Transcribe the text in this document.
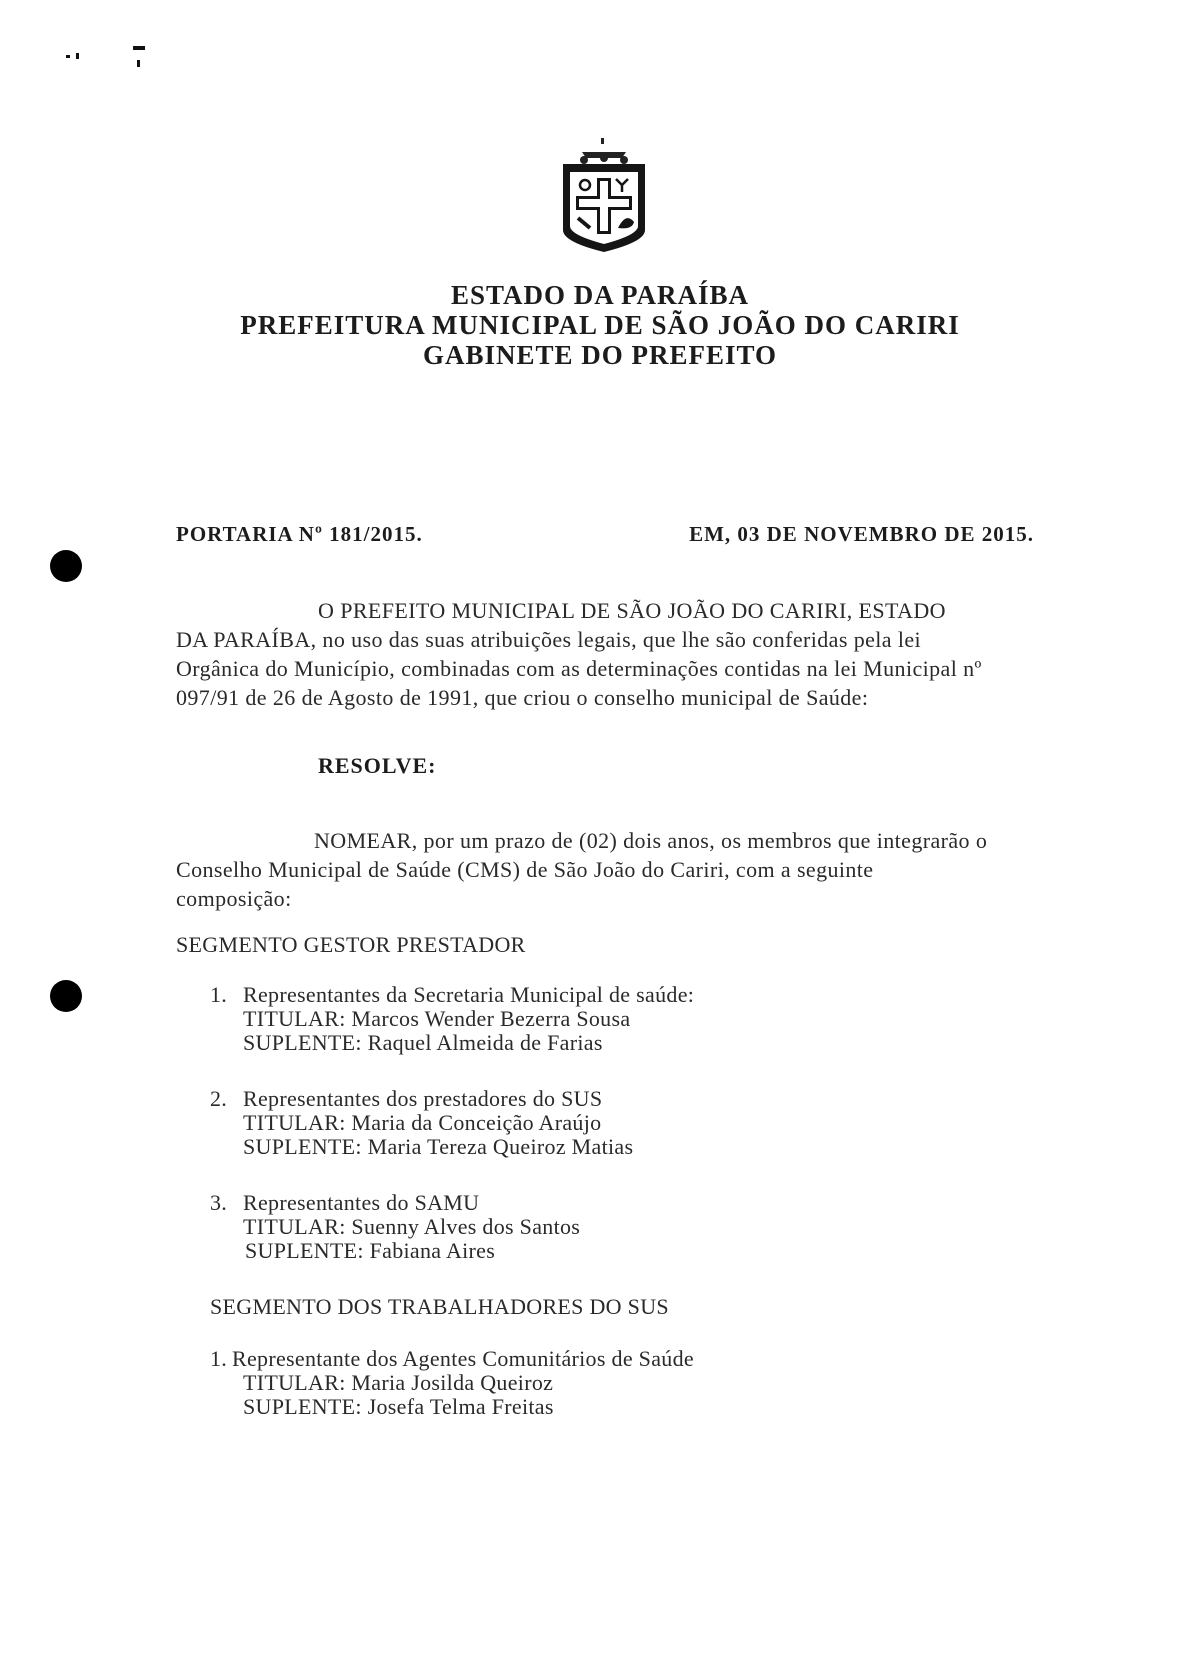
ESTADO DA PARAÍBA
PREFEITURA MUNICIPAL DE SÃO JOÃO DO CARIRI
GABINETE DO PREFEITO
PORTARIA Nº 181/2015.	EM, 03 DE NOVEMBRO DE 2015.
O PREFEITO MUNICIPAL DE SÃO JOÃO DO CARIRI, ESTADO
DA PARAÍBA, no uso das suas atribuições legais, que lhe são conferidas pela lei
Orgânica do Município, combinadas com as determinações contidas na lei Municipal nº
097/91 de 26 de Agosto de 1991, que criou o conselho municipal de Saúde:
RESOLVE:
NOMEAR, por um prazo de (02) dois anos, os membros que integrarão o
Conselho Municipal de Saúde (CMS) de São João do Cariri, com a seguinte
composição:
SEGMENTO GESTOR PRESTADOR
1. Representantes da Secretaria Municipal de saúde:
TITULAR: Marcos Wender Bezerra Sousa
SUPLENTE: Raquel Almeida de Farias
2. Representantes dos prestadores do SUS
TITULAR: Maria da Conceição Araújo
SUPLENTE: Maria Tereza Queiroz Matias
3. Representantes do SAMU
TITULAR: Suenny Alves dos Santos
SUPLENTE: Fabiana Aires
SEGMENTO DOS TRABALHADORES DO SUS
1. Representante dos Agentes Comunitários de Saúde
TITULAR: Maria Josilda Queiroz
SUPLENTE: Josefa Telma Freitas
